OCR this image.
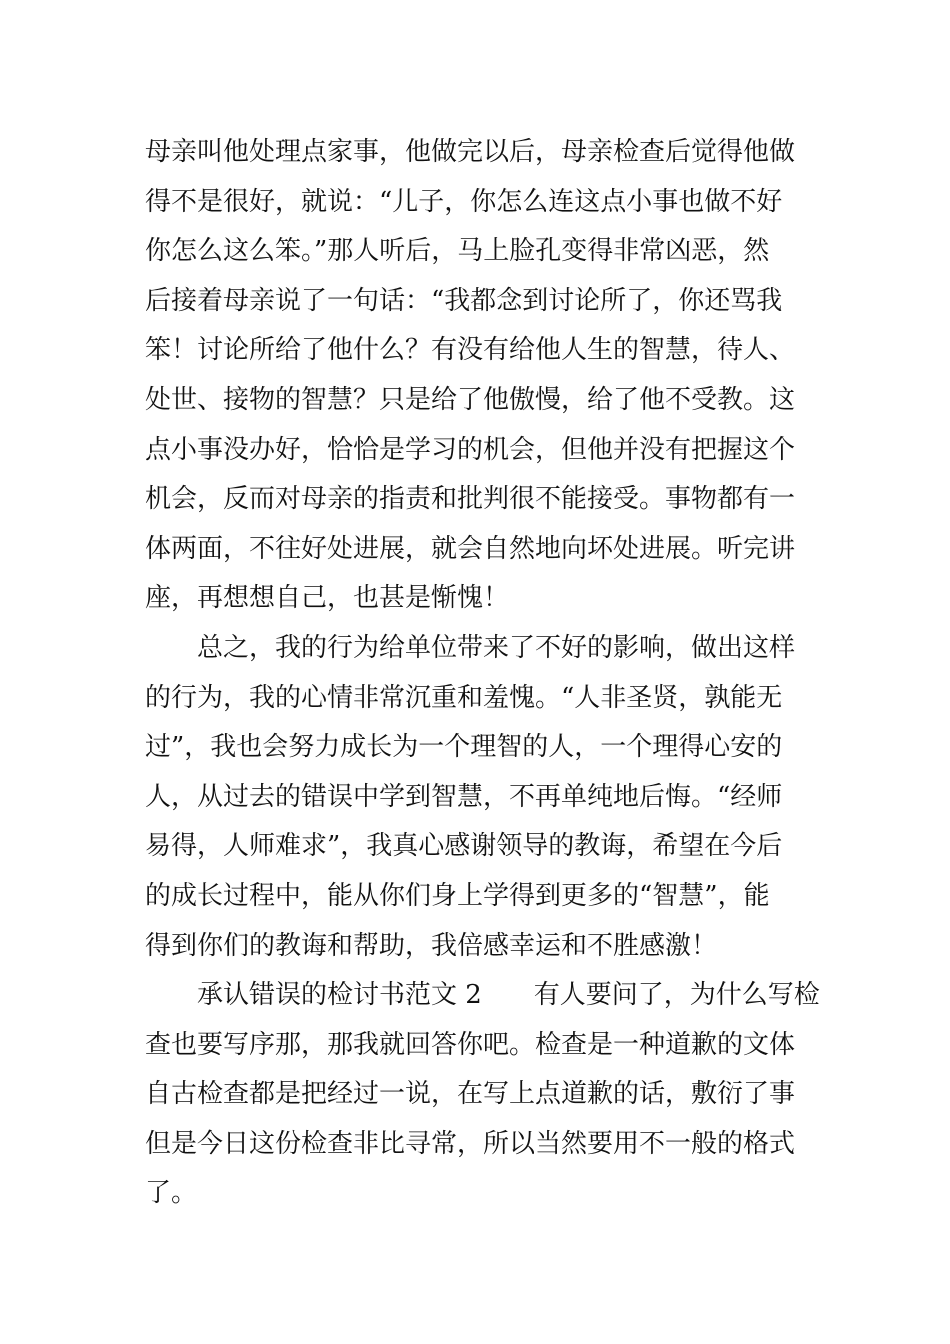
母亲叫他处理点家事，他做完以后，母亲检查后觉得他做
得不是很好，就说：“儿子，你怎么连这点小事也做不好
你怎么这么笨。”那人听后，马上脸孔变得非常凶恶，然
后接着母亲说了一句话：“我都念到讨论所了，你还骂我
笨！讨论所给了他什么？有没有给他人生的智慧，待人、
处世、接物的智慧？只是给了他傲慢，给了他不受教。这
点小事没办好，恰恰是学习的机会，但他并没有把握这个
机会，反而对母亲的指责和批判很不能接受。事物都有一
体两面，不往好处进展，就会自然地向坏处进展。听完讲
座，再想想自己，也甚是惭愧！
总之，我的行为给单位带来了不好的影响，做出这样
的行为，我的心情非常沉重和羞愧。“人非圣贤，孰能无
过”，我也会努力成长为一个理智的人，一个理得心安的
人，从过去的错误中学到智慧，不再单纯地后悔。“经师
易得，人师难求”，我真心感谢领导的教诲，希望在今后
的成长过程中，能从你们身上学得到更多的“智慧”，能
得到你们的教诲和帮助，我倍感幸运和不胜感激！
承认错误的检讨书范文 2　　有人要问了，为什么写检
查也要写序那，那我就回答你吧。检查是一种道歉的文体
自古检查都是把经过一说，在写上点道歉的话，敷衍了事
但是今日这份检查非比寻常，所以当然要用不一般的格式
了。
